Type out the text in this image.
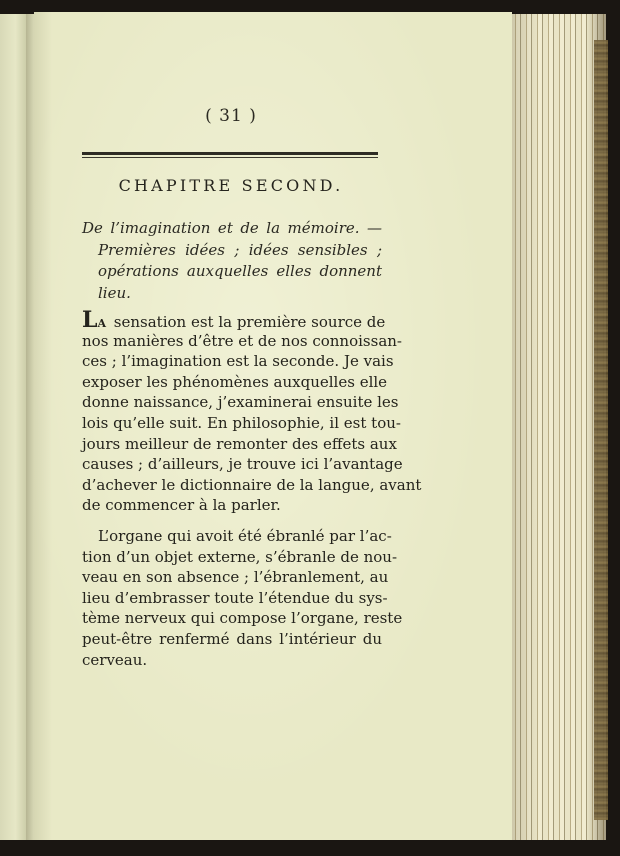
( 31 )
CHAPITRE SECOND.
De l’imagination et de la mémoire. —
Premières idées ; idées sensibles ;
opérations auxquelles elles donnent
lieu.
LA sensation est la première source de
nos manières d’être et de nos connoissan-
ces ; l’imagination est la seconde. Je vais
exposer les phénomènes auxquelles elle
donne naissance, j’examinerai ensuite les
lois qu’elle suit. En philosophie, il est tou-
jours meilleur de remonter des effets aux
causes ; d’ailleurs, je trouve ici l’avantage
d’achever le dictionnaire de la langue, avant
de commencer à la parler.
L’organe qui avoit été ébranlé par l’ac-
tion d’un objet externe, s’ébranle de nou-
veau en son absence ; l’ébranlement, au
lieu d’embrasser toute l’étendue du sys-
tème nerveux qui compose l’organe, reste
peut-être renfermé dans l’intérieur du
cerveau.
